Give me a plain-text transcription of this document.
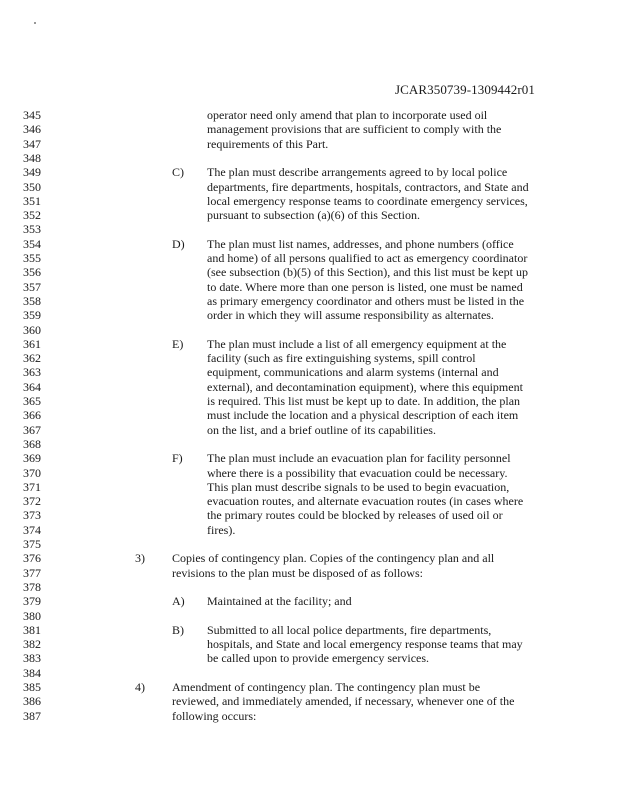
JCAR350739-1309442r01
345
346
347
348
349
350
351
352
353
354
355
356
357
358
359
360
361
362
363
364
365
366
367
368
369
370
371
372
373
374
375
376
377
378
379
380
381
382
383
384
385
386
387
operator need only amend that plan to incorporate used oil
management provisions that are sufficient to comply with the
requirements of this Part.
C) The plan must describe arrangements agreed to by local police
departments, fire departments, hospitals, contractors, and State and
local emergency response teams to coordinate emergency services,
pursuant to subsection (a)(6) of this Section.
D) The plan must list names, addresses, and phone numbers (office
and home) of all persons qualified to act as emergency coordinator
(see subsection (b)(5) of this Section), and this list must be kept up
to date. Where more than one person is listed, one must be named
as primary emergency coordinator and others must be listed in the
order in which they will assume responsibility as alternates.
E) The plan must include a list of all emergency equipment at the
facility (such as fire extinguishing systems, spill control
equipment, communications and alarm systems (internal and
external), and decontamination equipment), where this equipment
is required. This list must be kept up to date. In addition, the plan
must include the location and a physical description of each item
on the list, and a brief outline of its capabilities.
F) The plan must include an evacuation plan for facility personnel
where there is a possibility that evacuation could be necessary.
This plan must describe signals to be used to begin evacuation,
evacuation routes, and alternate evacuation routes (in cases where
the primary routes could be blocked by releases of used oil or
fires).
3) Copies of contingency plan. Copies of the contingency plan and all
revisions to the plan must be disposed of as follows:
A) Maintained at the facility; and
B) Submitted to all local police departments, fire departments,
hospitals, and State and local emergency response teams that may
be called upon to provide emergency services.
4) Amendment of contingency plan. The contingency plan must be
reviewed, and immediately amended, if necessary, whenever one of the
following occurs:
